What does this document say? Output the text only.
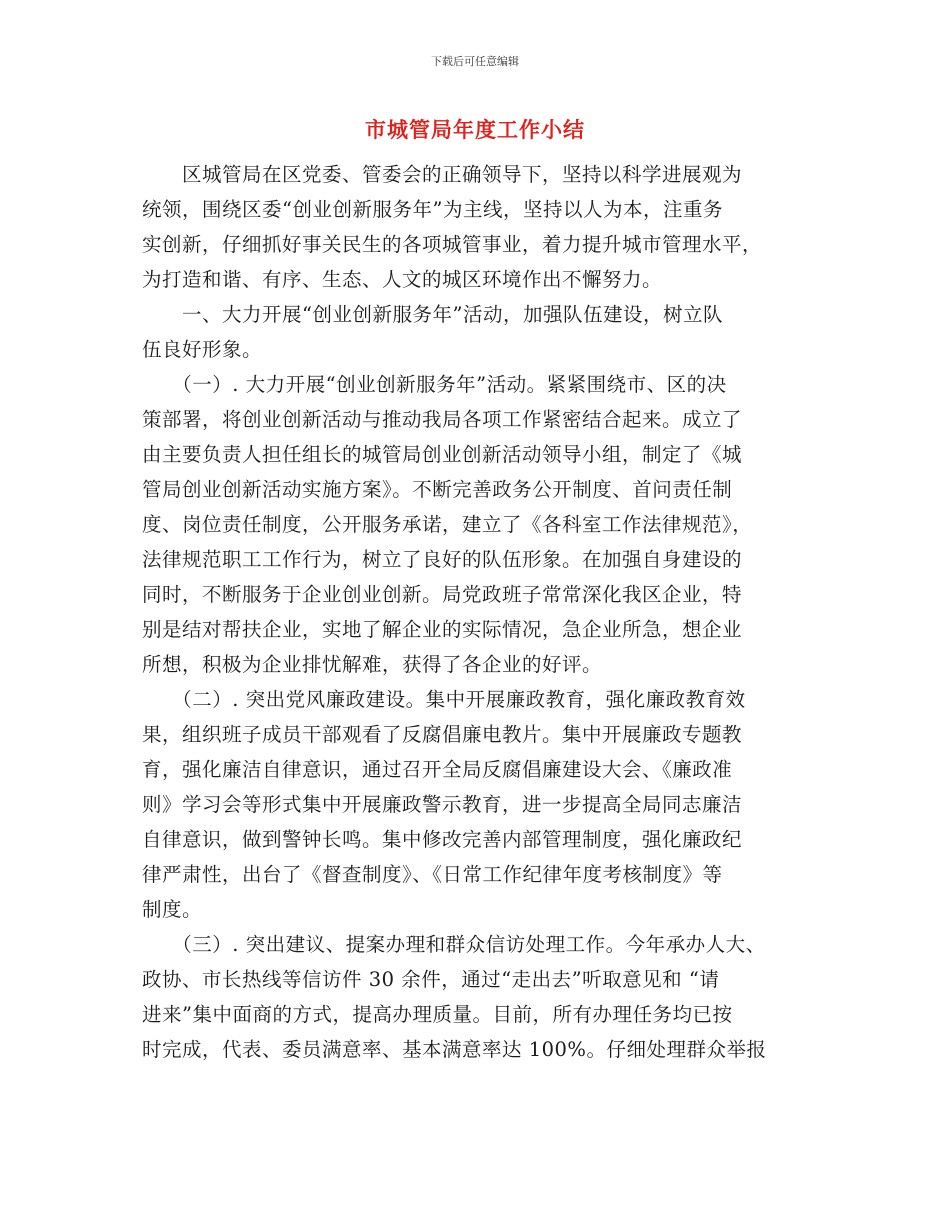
下载后可任意编辑
市城管局年度工作小结
　　区城管局在区党委、管委会的正确领导下，坚持以科学进展观为
统领，围绕区委“创业创新服务年”为主线，坚持以人为本，注重务
实创新，仔细抓好事关民生的各项城管事业，着力提升城市管理水平，
为打造和谐、有序、生态、人文的城区环境作出不懈努力。
　　一、大力开展“创业创新服务年”活动，加强队伍建设，树立队
伍良好形象。
　　（一）. 大力开展“创业创新服务年”活动。紧紧围绕市、区的决
策部署，将创业创新活动与推动我局各项工作紧密结合起来。成立了
由主要负责人担任组长的城管局创业创新活动领导小组，制定了《城
管局创业创新活动实施方案》。不断完善政务公开制度、首问责任制
度、岗位责任制度，公开服务承诺，建立了《各科室工作法律规范》，
法律规范职工工作行为，树立了良好的队伍形象。在加强自身建设的
同时，不断服务于企业创业创新。局党政班子常常深化我区企业，特
别是结对帮扶企业，实地了解企业的实际情况，急企业所急，想企业
所想，积极为企业排忧解难，获得了各企业的好评。
　　（二）. 突出党风廉政建设。集中开展廉政教育，强化廉政教育效
果，组织班子成员干部观看了反腐倡廉电教片。集中开展廉政专题教
育，强化廉洁自律意识，通过召开全局反腐倡廉建设大会、《廉政准
则》学习会等形式集中开展廉政警示教育，进一步提高全局同志廉洁
自律意识，做到警钟长鸣。集中修改完善内部管理制度，强化廉政纪
律严肃性，出台了《督查制度》、《日常工作纪律年度考核制度》等
制度。
　　（三）. 突出建议、提案办理和群众信访处理工作。今年承办人大、
政协、市长热线等信访件 30 余件，通过“走出去”听取意见和 “请
进来”集中面商的方式，提高办理质量。目前，所有办理任务均已按
时完成，代表、委员满意率、基本满意率达 100%。仔细处理群众举报
